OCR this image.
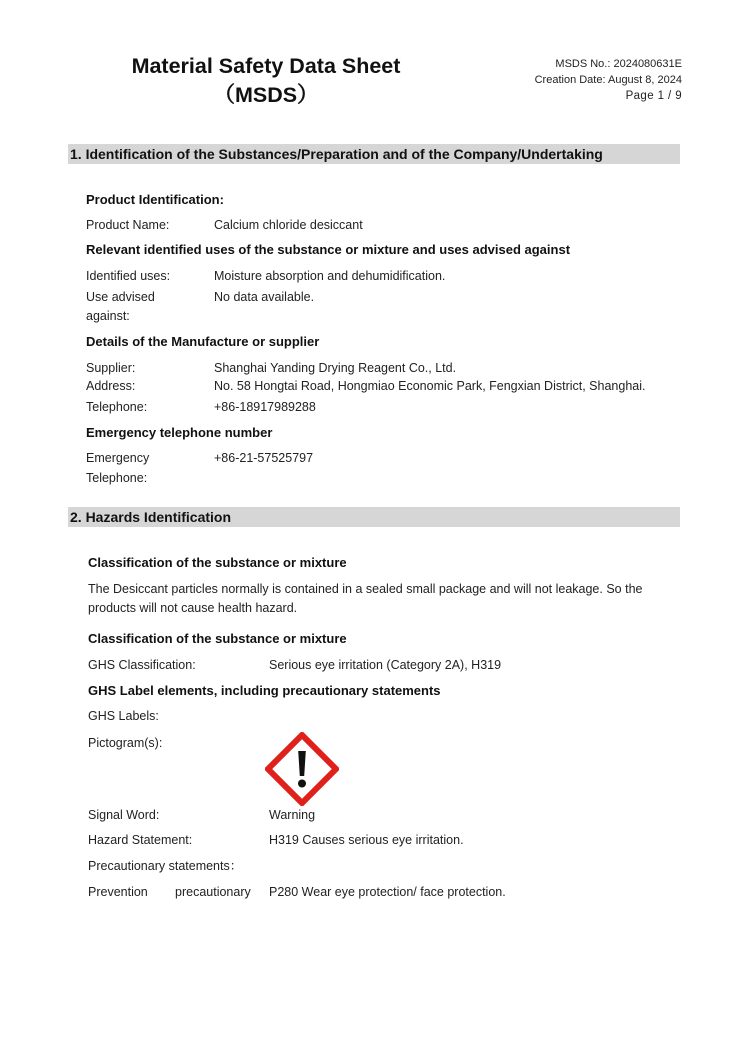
Material Safety Data Sheet
（MSDS）
MSDS No.: 2024080631E
Creation Date: August 8, 2024
Page 1 / 9
1. Identification of the Substances/Preparation and of the Company/Undertaking
Product Identification:
Product Name:	Calcium chloride desiccant
Relevant identified uses of the substance or mixture and uses advised against
Identified uses:	Moisture absorption and dehumidification.
Use advised
against:
No data available.
Details of the Manufacture or supplier
Supplier:	Shanghai Yanding Drying Reagent Co., Ltd.
Address:	No. 58 Hongtai Road, Hongmiao Economic Park, Fengxian District, Shanghai.
Telephone:	+86-18917989288
Emergency telephone number
Emergency
Telephone:
+86-21-57525797
2. Hazards Identification
Classification of the substance or mixture
The Desiccant particles normally is contained in a sealed small package and will not leakage. So the products will not cause health hazard.
Classification of the substance or mixture
GHS Classification:	Serious eye irritation (Category 2A), H319
GHS Label elements, including precautionary statements
GHS Labels:
Pictogram(s):
Signal Word:	Warning
Hazard Statement:	H319 Causes serious eye irritation.
Precautionary statements：
Prevention precautionary P280 Wear eye protection/ face protection.
